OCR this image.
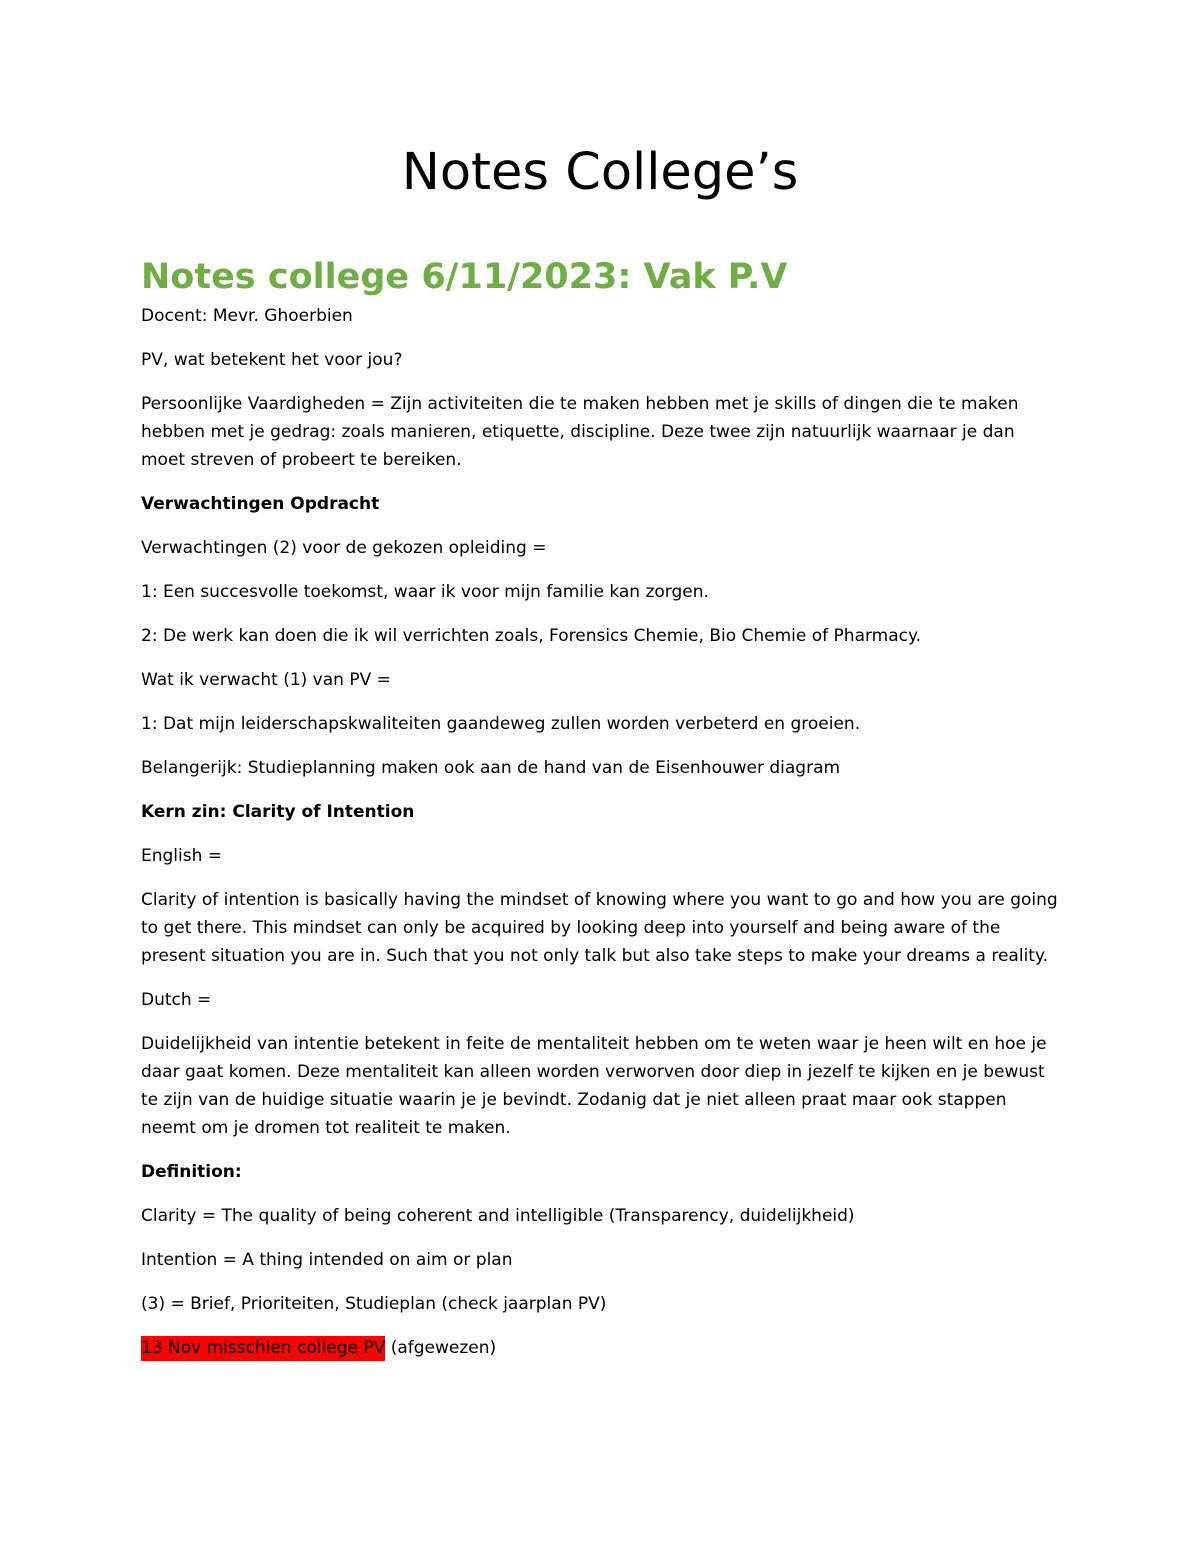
Notes College’s
Notes college 6/11/2023: Vak P.V

Docent: Mevr. Ghoerbien

PV, wat betekent het voor jou?

Persoonlijke Vaardigheden = Zijn activiteiten die te maken hebben met je skills of dingen die te maken hebben met je gedrag: zoals manieren, etiquette, discipline. Deze twee zijn natuurlijk waarnaar je dan moet streven of probeert te bereiken.

Verwachtingen Opdracht

Verwachtingen (2) voor de gekozen opleiding =

1: Een succesvolle toekomst, waar ik voor mijn familie kan zorgen.

2: De werk kan doen die ik wil verrichten zoals, Forensics Chemie, Bio Chemie of Pharmacy.

Wat ik verwacht (1) van PV =

1: Dat mijn leiderschapskwaliteiten gaandeweg zullen worden verbeterd en groeien.

Belangerijk: Studieplanning maken ook aan de hand van de Eisenhouwer diagram

Kern zin: Clarity of Intention

English =

Clarity of intention is basically having the mindset of knowing where you want to go and how you are going to get there. This mindset can only be acquired by looking deep into yourself and being aware of the present situation you are in. Such that you not only talk but also take steps to make your dreams a reality.

Dutch =

Duidelijkheid van intentie betekent in feite de mentaliteit hebben om te weten waar je heen wilt en hoe je daar gaat komen. Deze mentaliteit kan alleen worden verworven door diep in jezelf te kijken en je bewust te zijn van de huidige situatie waarin je je bevindt. Zodanig dat je niet alleen praat maar ook stappen neemt om je dromen tot realiteit te maken.

Definition:

Clarity = The quality of being coherent and intelligible (Transparency, duidelijkheid)

Intention = A thing intended on aim or plan

(3) = Brief, Prioriteiten, Studieplan (check jaarplan PV)

13 Nov misschien college PV (afgewezen)
